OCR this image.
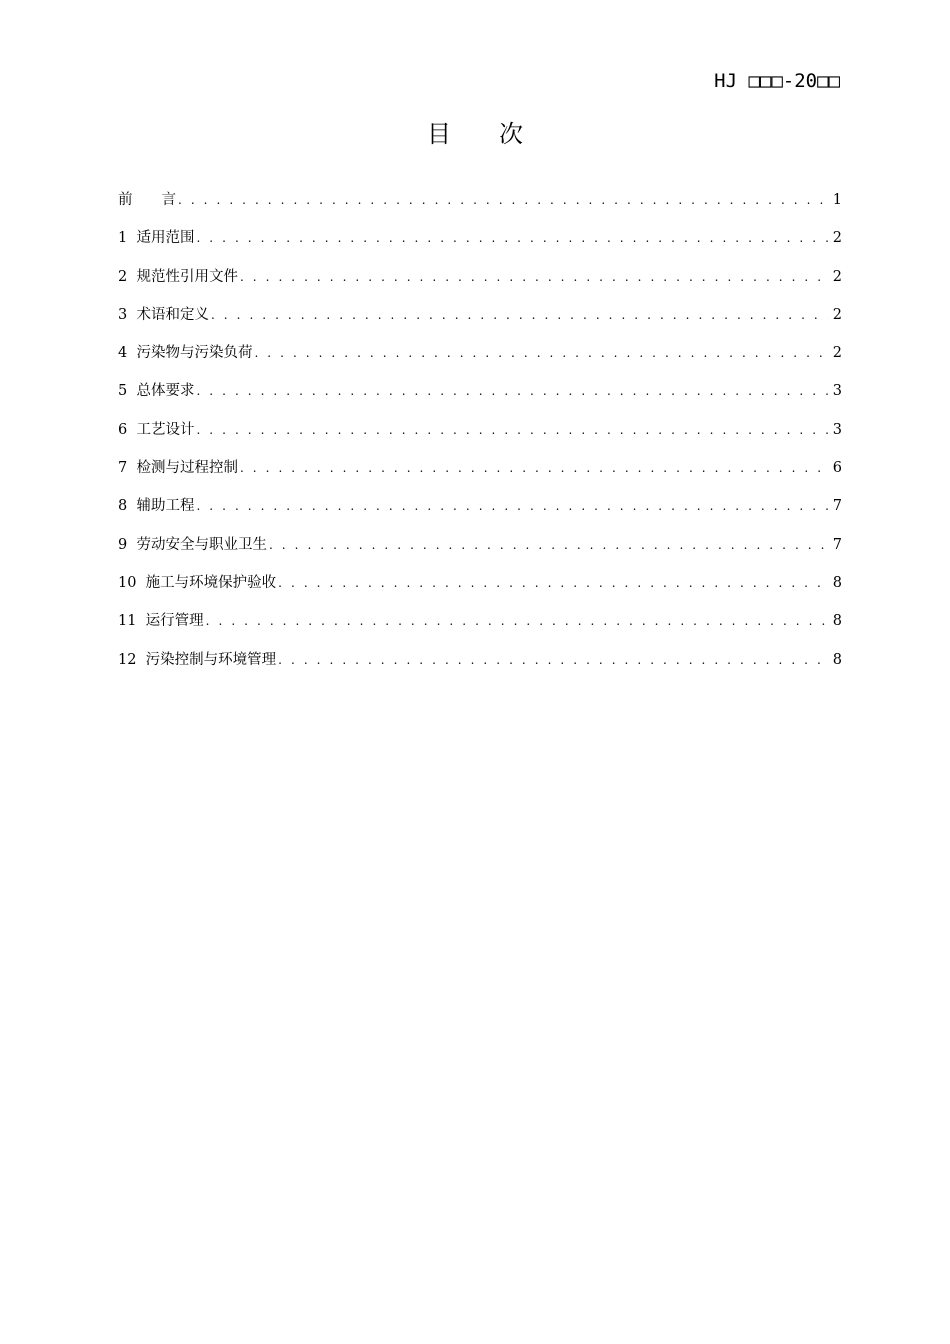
HJ □□□-20□□
目　　次
前　　言 . . .	1
1 适用范围 . . .	2
2 规范性引用文件 . . .	2
3 术语和定义 . . .	2
4 污染物与污染负荷 . . .	2
5 总体要求 . . .	3
6 工艺设计 . . .	3
7 检测与过程控制 . . .	6
8 辅助工程 . . .	7
9 劳动安全与职业卫生 . . .	7
10 施工与环境保护验收 . . .	8
11 运行管理 . . .	8
12 污染控制与环境管理 . . .	8
